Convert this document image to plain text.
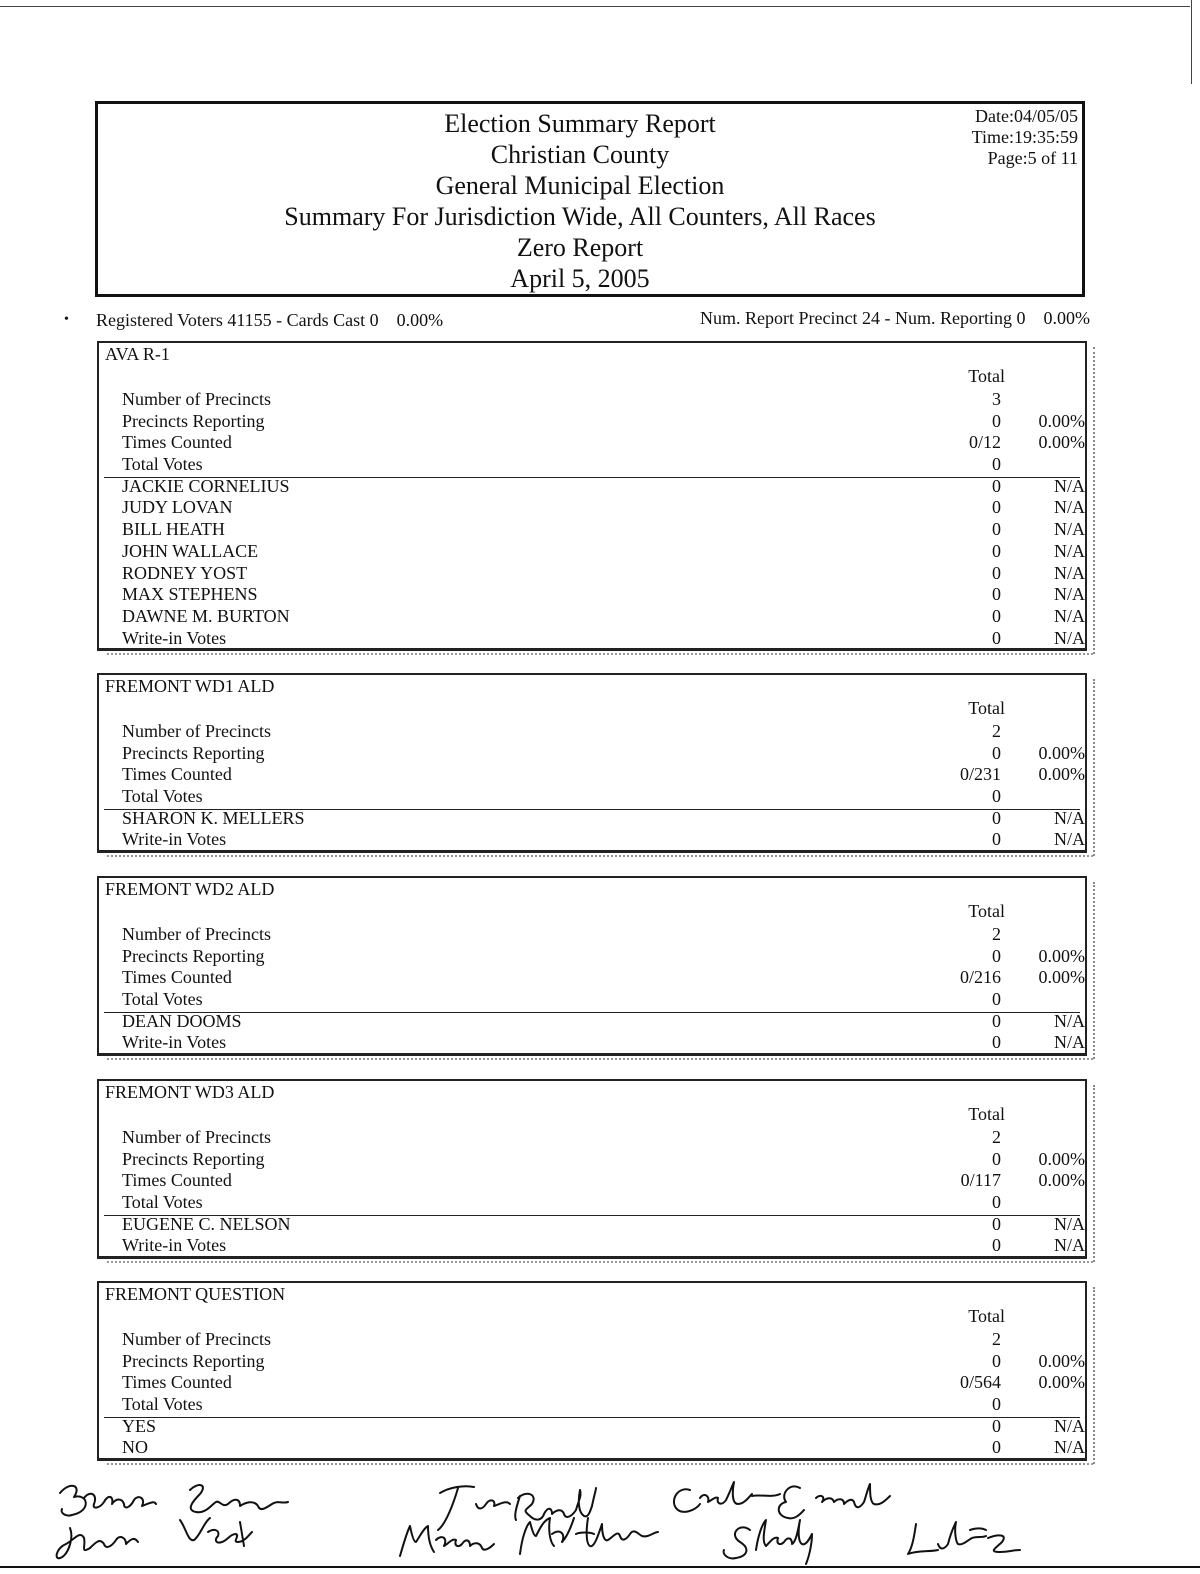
Election Summary Report
Christian County
General Municipal Election
Summary For Jurisdiction Wide, All Counters, All Races
Zero Report
April 5, 2005
Date:04/05/05
Time:19:35:59
Page:5 of 11
• Registered Voters 41155 - Cards Cast 0    0.00%	Num. Report Precinct 24 - Num. Reporting 0    0.00%
AVA R-1
Total
Number of Precincts	3
Precincts Reporting	0	0.00%
Times Counted	0/12	0.00%
Total Votes	0
JACKIE CORNELIUS	0	N/A
JUDY LOVAN	0	N/A
BILL HEATH	0	N/A
JOHN WALLACE	0	N/A
RODNEY YOST	0	N/A
MAX STEPHENS	0	N/A
DAWNE M. BURTON	0	N/A
Write-in Votes	0	N/A
FREMONT WD1 ALD
Total
Number of Precincts	2
Precincts Reporting	0	0.00%
Times Counted	0/231	0.00%
Total Votes	0
SHARON K. MELLERS	0	N/A
Write-in Votes	0	N/A
FREMONT WD2 ALD
Total
Number of Precincts	2
Precincts Reporting	0	0.00%
Times Counted	0/216	0.00%
Total Votes	0
DEAN DOOMS	0	N/A
Write-in Votes	0	N/A
FREMONT WD3 ALD
Total
Number of Precincts	2
Precincts Reporting	0	0.00%
Times Counted	0/117	0.00%
Total Votes	0
EUGENE C. NELSON	0	N/A
Write-in Votes	0	N/A
FREMONT QUESTION
Total
Number of Precincts	2
Precincts Reporting	0	0.00%
Times Counted	0/564	0.00%
Total Votes	0
YES	0	N/A
NO	0	N/A
